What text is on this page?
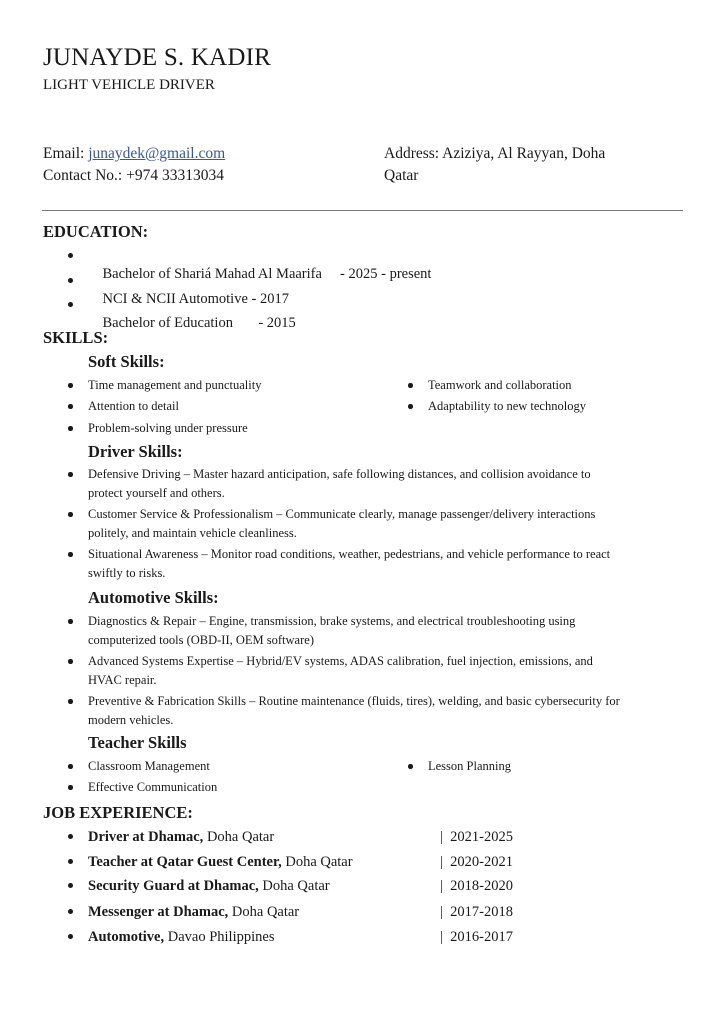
JUNAYDE S. KADIR
LIGHT VEHICLE DRIVER
Email: junaydek@gmail.com
Contact No.: +974 33313034
Address: Aziziya, Al Rayyan, Doha
Qatar
EDUCATION:

Bachelor of Shariá Mahad Al Maarifa     - 2025 - present

NCI & NCII Automotive - 2017

Bachelor of Education       - 2015

SKILLS:
Soft Skills:
Time management and punctuality
Attention to detail
Problem-solving under pressure
Teamwork and collaboration
Adaptability to new technology
Driver Skills:
Defensive Driving – Master hazard anticipation, safe following distances, and collision avoidance to
protect yourself and others.
Customer Service & Professionalism – Communicate clearly, manage passenger/delivery interactions
politely, and maintain vehicle cleanliness.
Situational Awareness – Monitor road conditions, weather, pedestrians, and vehicle performance to react
swiftly to risks.
Automotive Skills:
Diagnostics & Repair – Engine, transmission, brake systems, and electrical troubleshooting using
computerized tools (OBD-II, OEM software)
Advanced Systems Expertise – Hybrid/EV systems, ADAS calibration, fuel injection, emissions, and
HVAC repair.
Preventive & Fabrication Skills – Routine maintenance (fluids, tires), welding, and basic cybersecurity for
modern vehicles.
Teacher Skills
Classroom Management
Effective Communication
Lesson Planning
JOB EXPERIENCE:
Driver at Dhamac, Doha Qatar	|  2021-2025
Teacher at Qatar Guest Center, Doha Qatar	|  2020-2021
Security Guard at Dhamac, Doha Qatar	|  2018-2020
Messenger at Dhamac, Doha Qatar	|  2017-2018
Automotive, Davao Philippines	|  2016-2017
